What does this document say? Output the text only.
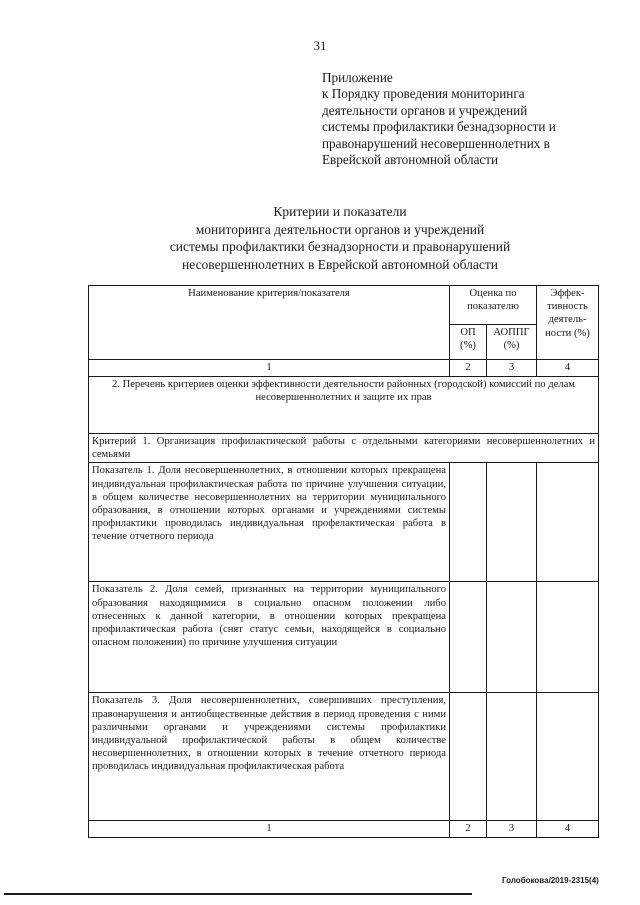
31
Приложение
к Порядку проведения мониторинга
деятельности органов и учреждений
системы профилактики безнадзорности и
правонарушений несовершеннолетних в
Еврейской автономной области
Критерии и показатели
мониторинга деятельности органов и учреждений
системы профилактики безнадзорности и правонарушений
несовершеннолетних в Еврейской автономной области
Наименование критерия/показателя	Оценка по показателю		Эффек-тивность деятель-ности (%)
	ОП (%)	АОППГ (%)	
1	2	3	4
2. Перечень критериев оценки эффективности деятельности районных (городской) комиссий по делам несовершеннолетних и защите их прав			
Критерий 1. Организация профилактической работы с отдельными категориями несовершеннолетних и семьями			
Показатель 1. Доля несовершеннолетних, в отношении которых прекращена индивидуальная профилактическая работа по причине улучшения ситуации, в общем количестве несовершеннолетних на территории муниципального образования, в отношении которых органами и учреждениями системы профилактики проводилась индивидуальная профелактическая работа в течение отчетного периода			
Показатель 2. Доля семей, признанных на территории муниципального образования находящимися в социально опасном положении либо отнесенных к данной категории, в отношении которых прекращена профилактическая работа (снят статус семьи, находящейся в социально опасном положении) по причине улучшения ситуации			
Показатель 3. Доля несовершеннолетних, совершивших преступления, правонарушения и антиобщественные действия в период проведения с ними различными органами и учреждениями системы профилактики индивидуальной профилактической работы в общем количестве несовершеннолетних, в отношении которых в течение отчетного периода проводилась индивидуальная профилактическая работа			
1	2	3	4
Голобокова/2019-2315(4)
